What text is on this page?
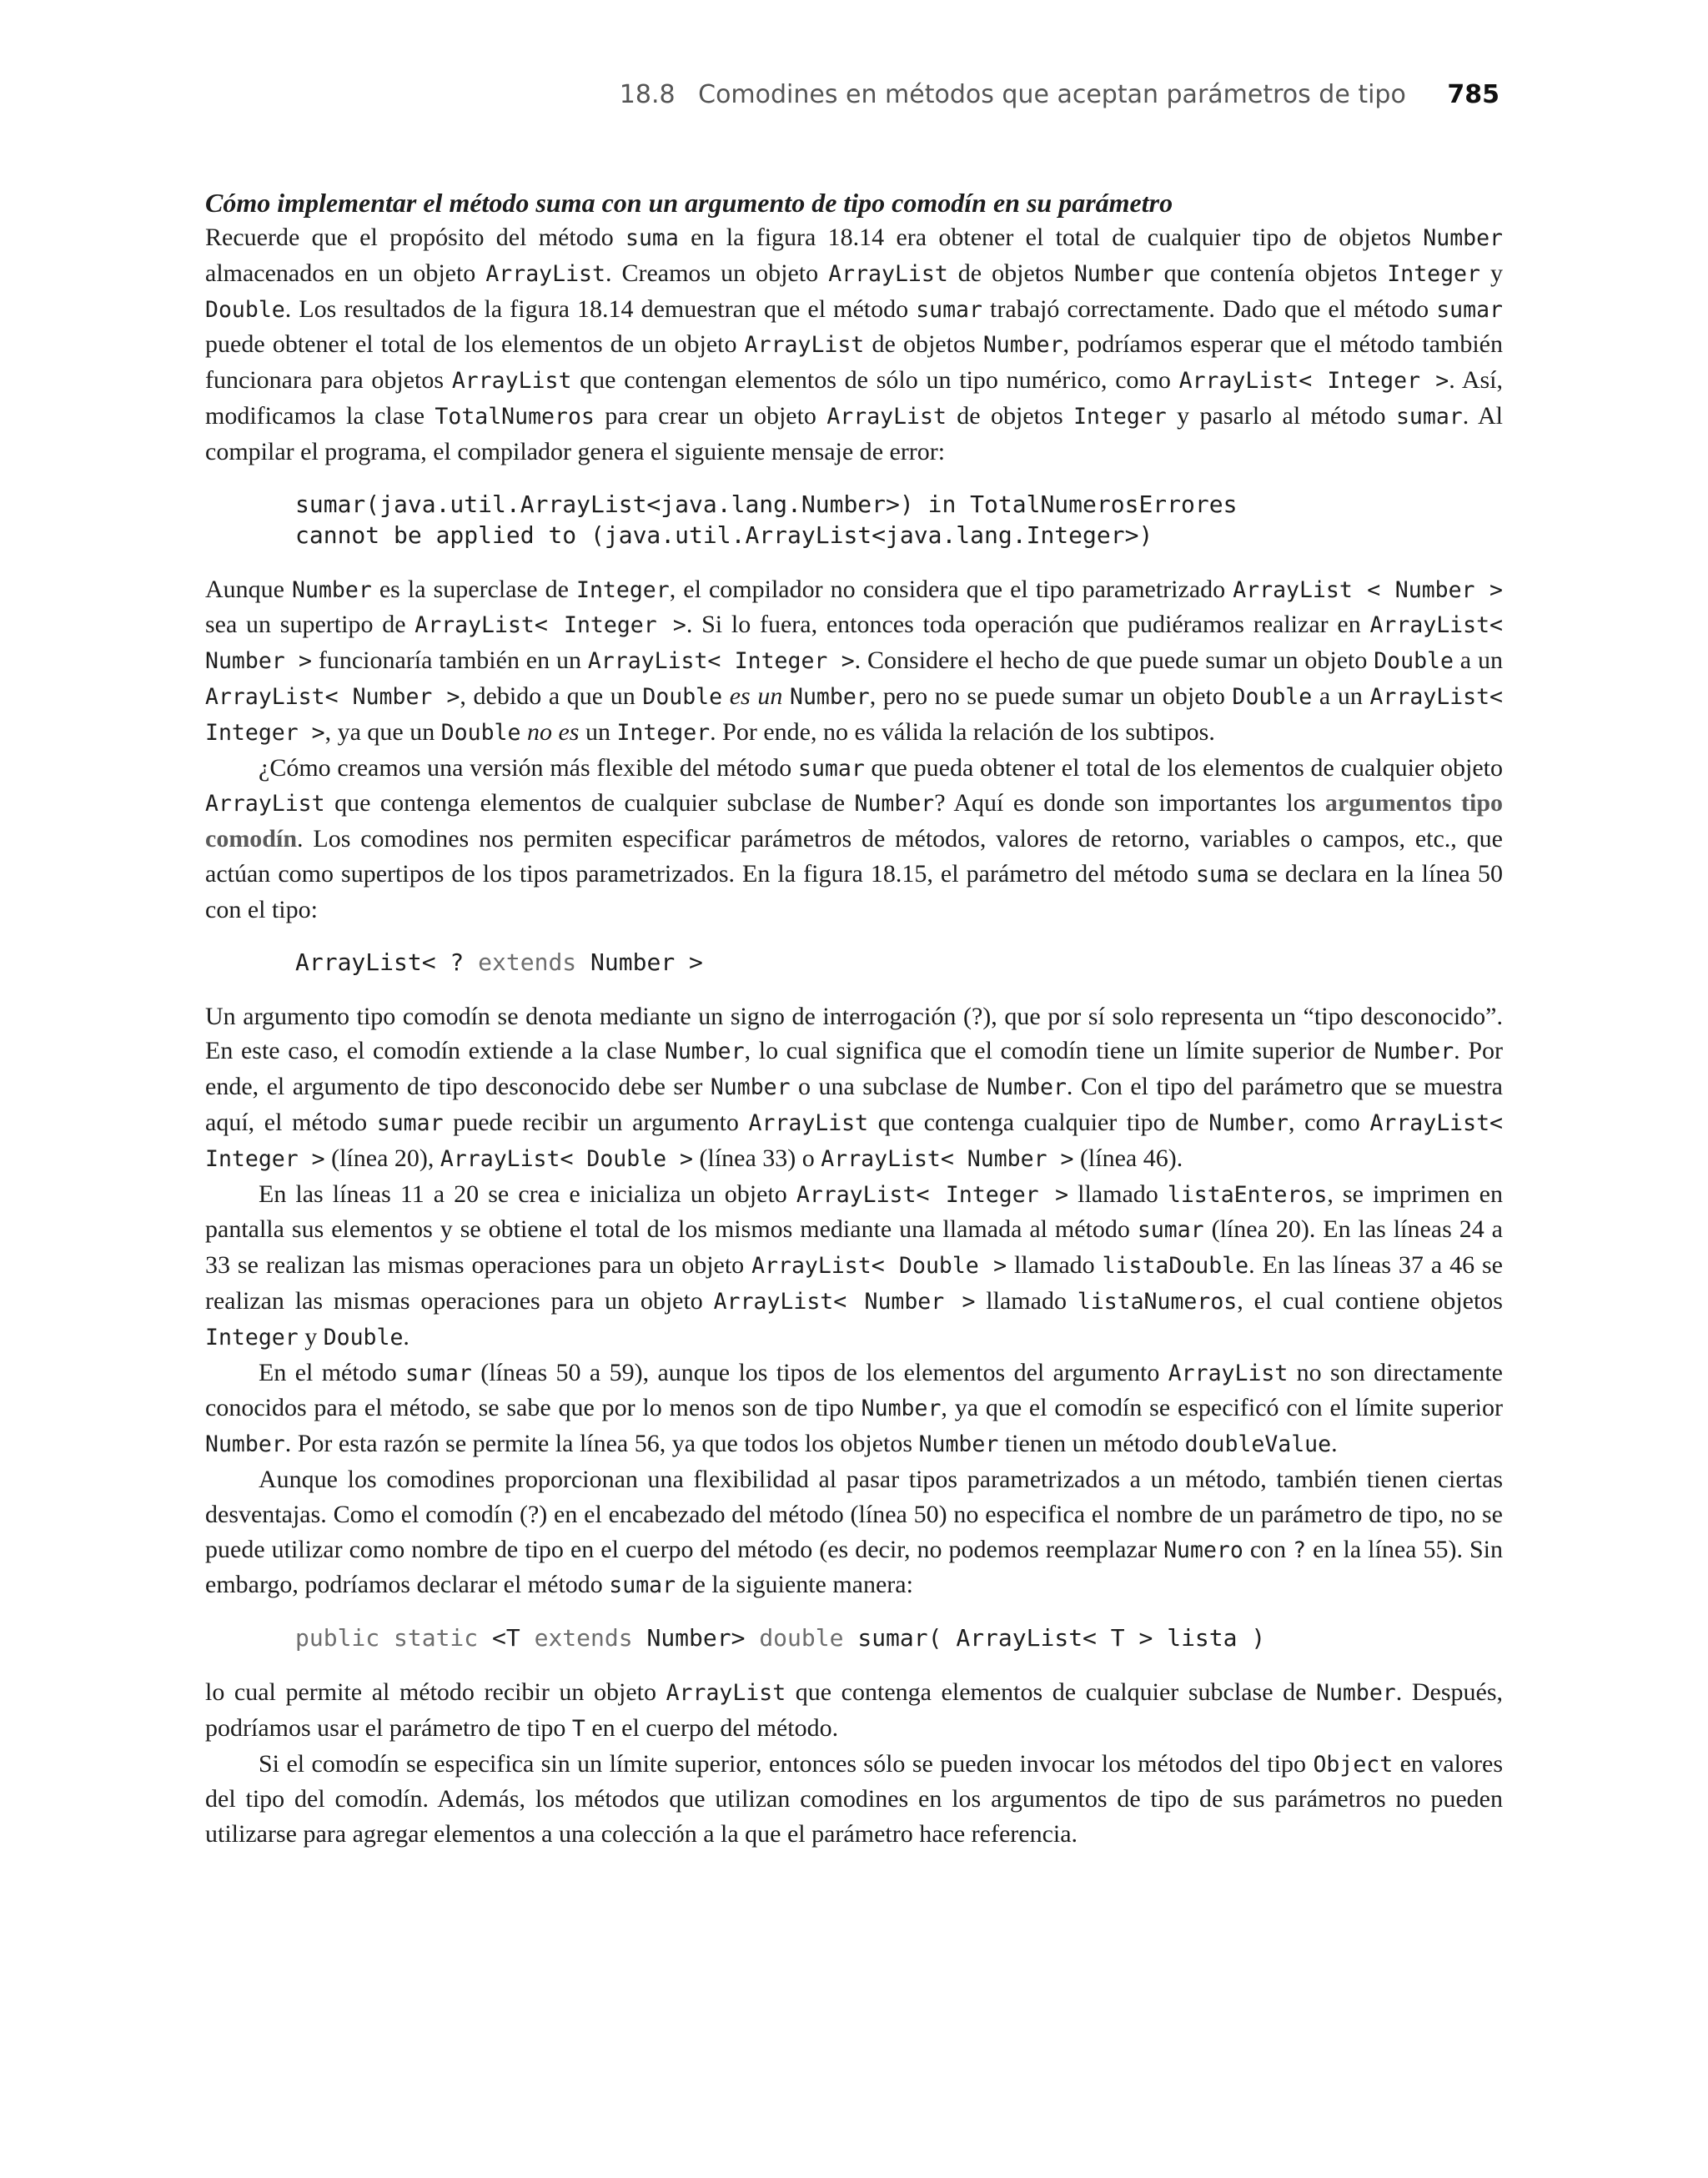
18.8 Comodines en métodos que aceptan parámetros de tipo 785
Cómo implementar el método suma con un argumento de tipo comodín en su parámetro

Recuerde que el propósito del método suma en la figura 18.14 era obtener el total de cualquier tipo de objetos Number almacenados en un objeto ArrayList. Creamos un objeto ArrayList de objetos Number que contenía objetos Integer y Double. Los resultados de la figura 18.14 demuestran que el método sumar trabajó correctamente. Dado que el método sumar puede obtener el total de los elementos de un objeto ArrayList de objetos Number, podríamos esperar que el método también funcionara para objetos ArrayList que contengan elementos de sólo un tipo numérico, como ArrayList< Integer >. Así, modificamos la clase TotalNumeros para crear un objeto ArrayList de objetos Integer y pasarlo al método sumar. Al compilar el programa, el compilador genera el siguiente mensaje de error:

sumar(java.util.ArrayList<java.lang.Number>) in TotalNumerosErrores
cannot be applied to (java.util.ArrayList<java.lang.Integer>)

Aunque Number es la superclase de Integer, el compilador no considera que el tipo parametrizado ArrayList < Number > sea un supertipo de ArrayList< Integer >. Si lo fuera, entonces toda operación que pudiéramos realizar en ArrayList< Number > funcionaría también en un ArrayList< Integer >. Considere el hecho de que puede sumar un objeto Double a un ArrayList< Number >, debido a que un Double es un Number, pero no se puede sumar un objeto Double a un ArrayList< Integer >, ya que un Double no es un Integer. Por ende, no es válida la relación de los subtipos.

¿Cómo creamos una versión más flexible del método sumar que pueda obtener el total de los elementos de cualquier objeto ArrayList que contenga elementos de cualquier subclase de Number? Aquí es donde son importantes los argumentos tipo comodín. Los comodines nos permiten especificar parámetros de métodos, valores de retorno, variables o campos, etc., que actúan como supertipos de los tipos parametrizados. En la figura 18.15, el parámetro del método suma se declara en la línea 50 con el tipo:

ArrayList< ? extends Number >

Un argumento tipo comodín se denota mediante un signo de interrogación (?), que por sí solo representa un “tipo desconocido”. En este caso, el comodín extiende a la clase Number, lo cual significa que el comodín tiene un límite superior de Number. Por ende, el argumento de tipo desconocido debe ser Number o una subclase de Number. Con el tipo del parámetro que se muestra aquí, el método sumar puede recibir un argumento ArrayList que contenga cualquier tipo de Number, como ArrayList< Integer > (línea 20), ArrayList< Double > (línea 33) o ArrayList< Number > (línea 46).

En las líneas 11 a 20 se crea e inicializa un objeto ArrayList< Integer > llamado listaEnteros, se imprimen en pantalla sus elementos y se obtiene el total de los mismos mediante una llamada al método sumar (línea 20). En las líneas 24 a 33 se realizan las mismas operaciones para un objeto ArrayList< Double > llamado listaDouble. En las líneas 37 a 46 se realizan las mismas operaciones para un objeto ArrayList< Number > llamado listaNumeros, el cual contiene objetos Integer y Double.

En el método sumar (líneas 50 a 59), aunque los tipos de los elementos del argumento ArrayList no son directamente conocidos para el método, se sabe que por lo menos son de tipo Number, ya que el comodín se especificó con el límite superior Number. Por esta razón se permite la línea 56, ya que todos los objetos Number tienen un método doubleValue.

Aunque los comodines proporcionan una flexibilidad al pasar tipos parametrizados a un método, también tienen ciertas desventajas. Como el comodín (?) en el encabezado del método (línea 50) no especifica el nombre de un parámetro de tipo, no se puede utilizar como nombre de tipo en el cuerpo del método (es decir, no podemos reemplazar Numero con ? en la línea 55). Sin embargo, podríamos declarar el método sumar de la siguiente manera:

public static <T extends Number> double sumar( ArrayList< T > lista )

lo cual permite al método recibir un objeto ArrayList que contenga elementos de cualquier subclase de Number. Después, podríamos usar el parámetro de tipo T en el cuerpo del método.

Si el comodín se especifica sin un límite superior, entonces sólo se pueden invocar los métodos del tipo Object en valores del tipo del comodín. Además, los métodos que utilizan comodines en los argumentos de tipo de sus parámetros no pueden utilizarse para agregar elementos a una colección a la que el parámetro hace referencia.
